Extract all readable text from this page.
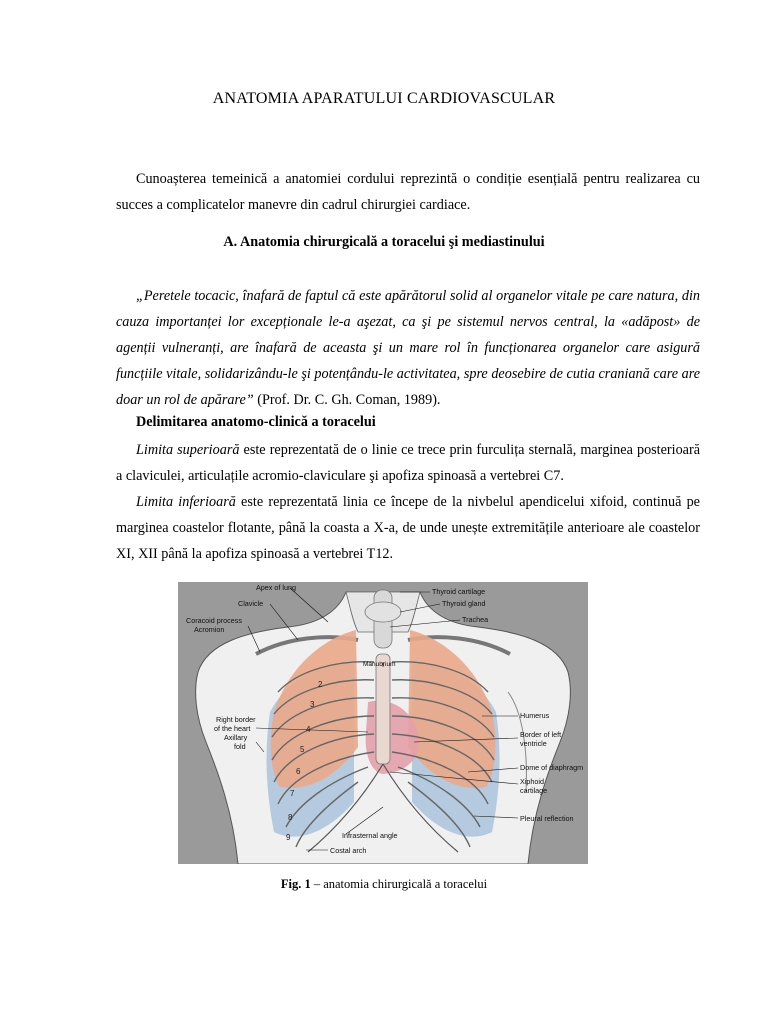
ANATOMIA APARATULUI CARDIOVASCULAR

Cunoașterea temeinică a anatomiei cordului reprezintă o condiție esențială pentru realizarea cu succes a complicatelor manevre din cadrul chirurgiei cardiace.

A. Anatomia chirurgicală a toracelui şi mediastinului

„Peretele tocacic, înafară de faptul că este apărătorul solid al organelor vitale pe care natura, din cauza importanței lor excepționale le-a aşezat, ca şi pe sistemul nervos central, la «adăpost» de agenții vulneranți, are înafară de aceasta şi un mare rol în funcționarea organelor care asigură funcțiile vitale, solidarizându-le şi potențându-le activitatea, spre deosebire de cutia craniană care are doar un rol de apărare” (Prof. Dr. C. Gh. Coman, 1989).

Delimitarea anatomo-clinică a toracelui

Limita superioară este reprezentată de o linie ce trece prin furculița sternală, marginea posterioară a claviculei, articulațile acromio-claviculare şi apofiza spinoasă a vertebrei C7.

Limita inferioară este reprezentată linia ce începe de la nivbelul apendicelui xifoid, continuă pe marginea coastelor flotante, până la coasta a X-a, de unde unește extremitățile anterioare ale coastelor XI, XII până la apofiza spinoasă a vertebrei T12.

2
3
4
5
6
7
8
9
Apex of lung
Clavicle
Coracoid process
Acromion
Thyroid cartilage
Thyroid gland
Trachea
Manubrium
Right border
of the heart
Axillary
fold
Humerus
Border of left
ventricle
Dome of diaphragm
Xiphoid
cartilage
Pleural reflection
Infrasternal angle
Costal arch
Fig. 1 – anatomia chirurgicală a toracelui
